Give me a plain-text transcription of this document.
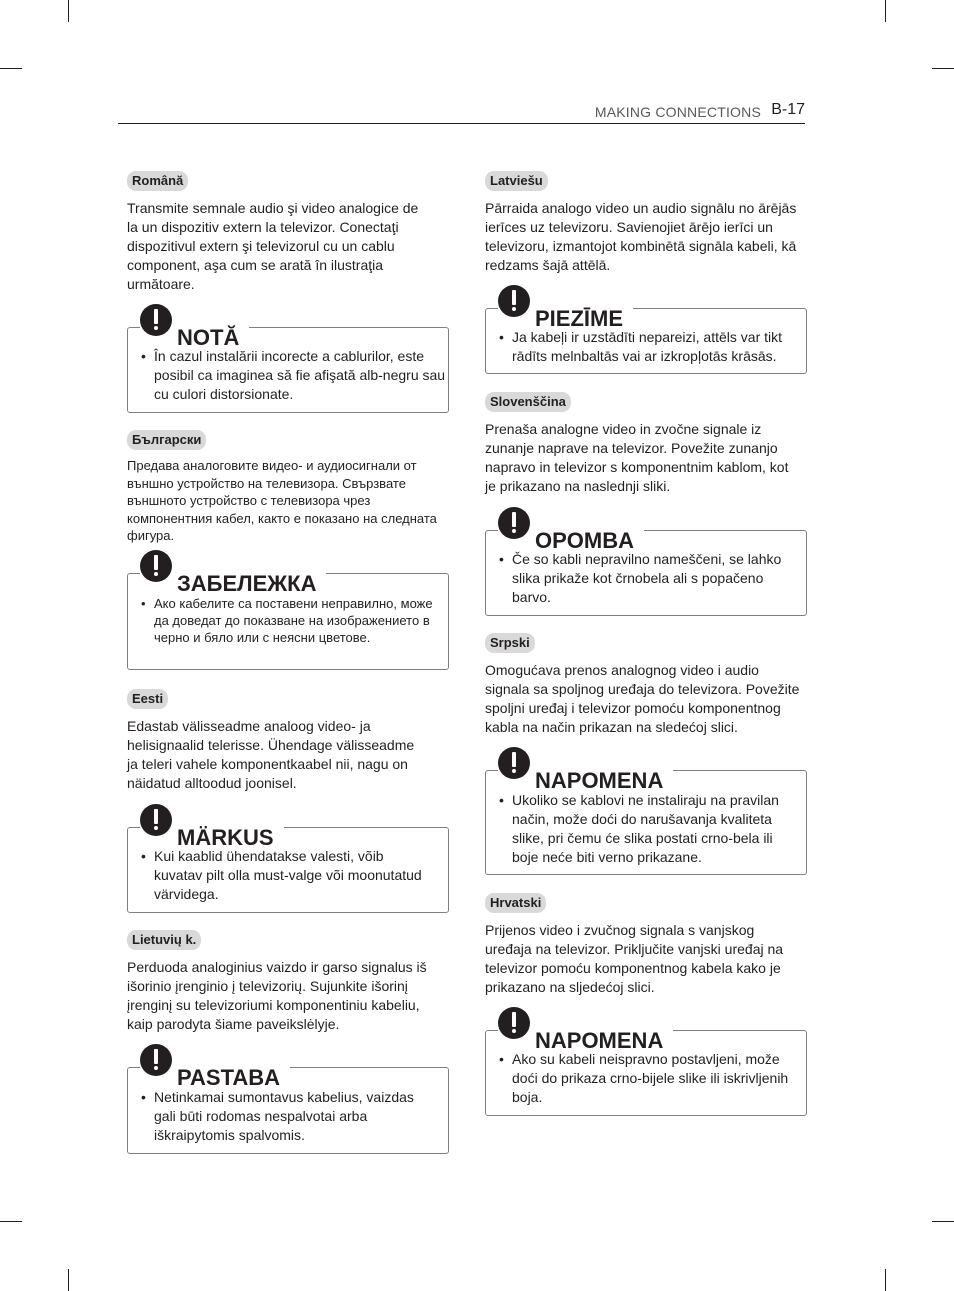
MAKING CONNECTIONS B-17
Română

Transmite semnale audio şi video analogice de la un dispozitiv extern la televizor. Conectaţi dispozitivul extern şi televizorul cu un cablu component, aşa cum se arată în ilustraţia următoare.

NOTĂ
• În cazul instalării incorecte a cablurilor, este posibil ca imaginea să fie afişată alb-negru sau cu culori distorsionate.
Български

Предава аналоговите видео- и аудиосигнали от външно устройство на телевизора. Свързвате външното устройство с телевизора чрез компонентния кабел, както е показано на следната фигура.

ЗАБЕЛЕЖКА
• Ако кабелите са поставени неправилно, може да доведат до показване на изображението в черно и бяло или с неясни цветове.
Eesti

Edastab välisseadme analoog video- ja helisignaalid telerisse. Ühendage välisseadme ja teleri vahele komponentkaabel nii, nagu on näidatud alltoodud joonisel.

MÄRKUS
• Kui kaablid ühendatakse valesti, võib kuvatav pilt olla must-valge või moonutatud värvidega.
Lietuvių k.

Perduoda analoginius vaizdo ir garso signalus iš išorinio įrenginio į televizorių. Sujunkite išorinį įrenginį su televizoriumi komponentiniu kabeliu, kaip parodyta šiame paveikslėlyje.

PASTABA
• Netinkamai sumontavus kabelius, vaizdas gali būti rodomas nespalvotai arba iškraipytomis spalvomis.
Latviešu

Pārraida analogo video un audio signālu no ārējās ierīces uz televizoru. Savienojiet ārējo ierīci un televizoru, izmantojot kombinētā signāla kabeli, kā redzams šajā attēlā.

PIEZĪME
• Ja kabeļi ir uzstādīti nepareizi, attēls var tikt rādīts melnbaltās vai ar izkropļotās krāsās.
Slovenščina

Prenaša analogne video in zvočne signale iz zunanje naprave na televizor. Povežite zunanjo napravo in televizor s komponentnim kablom, kot je prikazano na naslednji sliki.

OPOMBA
• Če so kabli nepravilno nameščeni, se lahko slika prikaže kot črnobela ali s popačeno barvo.
Srpski

Omogućava prenos analognog video i audio signala sa spoljnog uređaja do televizora. Povežite spoljni uređaj i televizor pomoću komponentnog kabla na način prikazan na sledećoj slici.

NAPOMENA
• Ukoliko se kablovi ne instaliraju na pravilan način, može doći do narušavanja kvaliteta slike, pri čemu će slika postati crno-bela ili boje neće biti verno prikazane.
Hrvatski

Prijenos video i zvučnog signala s vanjskog uređaja na televizor. Priključite vanjski uređaj na televizor pomoću komponentnog kabela kako je prikazano na sljedećoj slici.

NAPOMENA
• Ako su kabeli neispravno postavljeni, može doći do prikaza crno-bijele slike ili iskrivljenih boja.
